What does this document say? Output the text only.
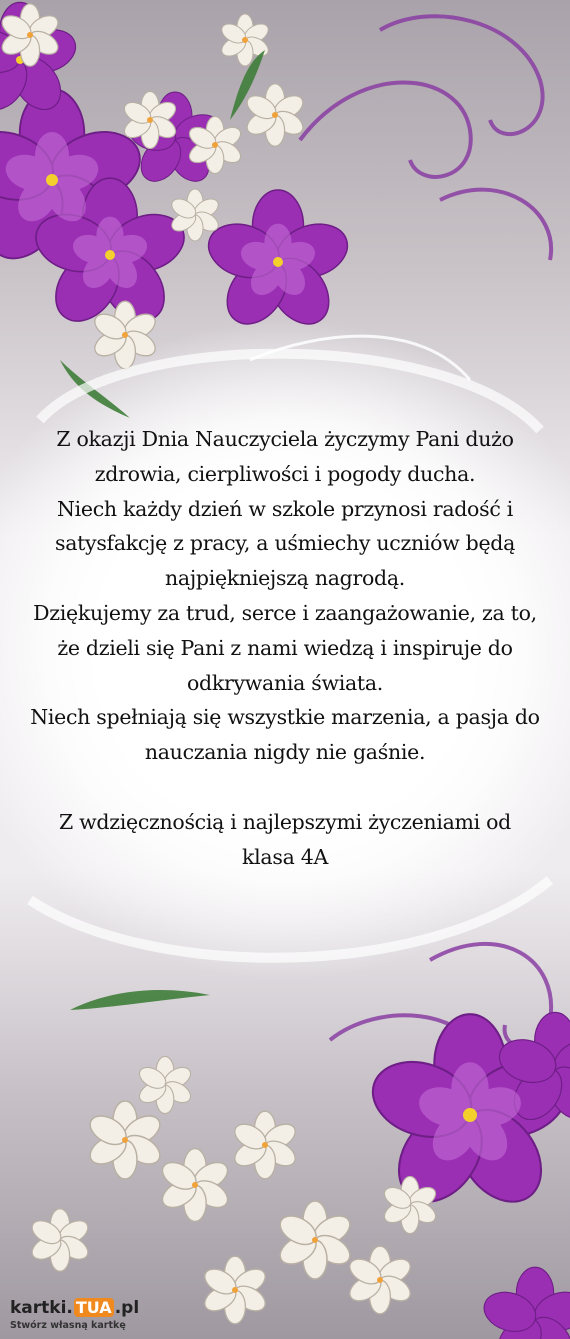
Z okazji Dnia Nauczyciela życzymy Pani dużo zdrowia, cierpliwości i pogody ducha.

Niech każdy dzień w szkole przynosi radość i satysfakcję z pracy, a uśmiechy uczniów będą najpiękniejszą nagrodą.

Dziękujemy za trud, serce i zaangażowanie, za to, że dzieli się Pani z nami wiedzą i inspiruje do odkrywania świata.

Niech spełniają się wszystkie marzenia, a pasja do nauczania nigdy nie gaśnie.

Z wdzięcznością i najlepszymi życzeniami od klasa 4A

kartki. TUA .pl
Stwórz własną kartkę
